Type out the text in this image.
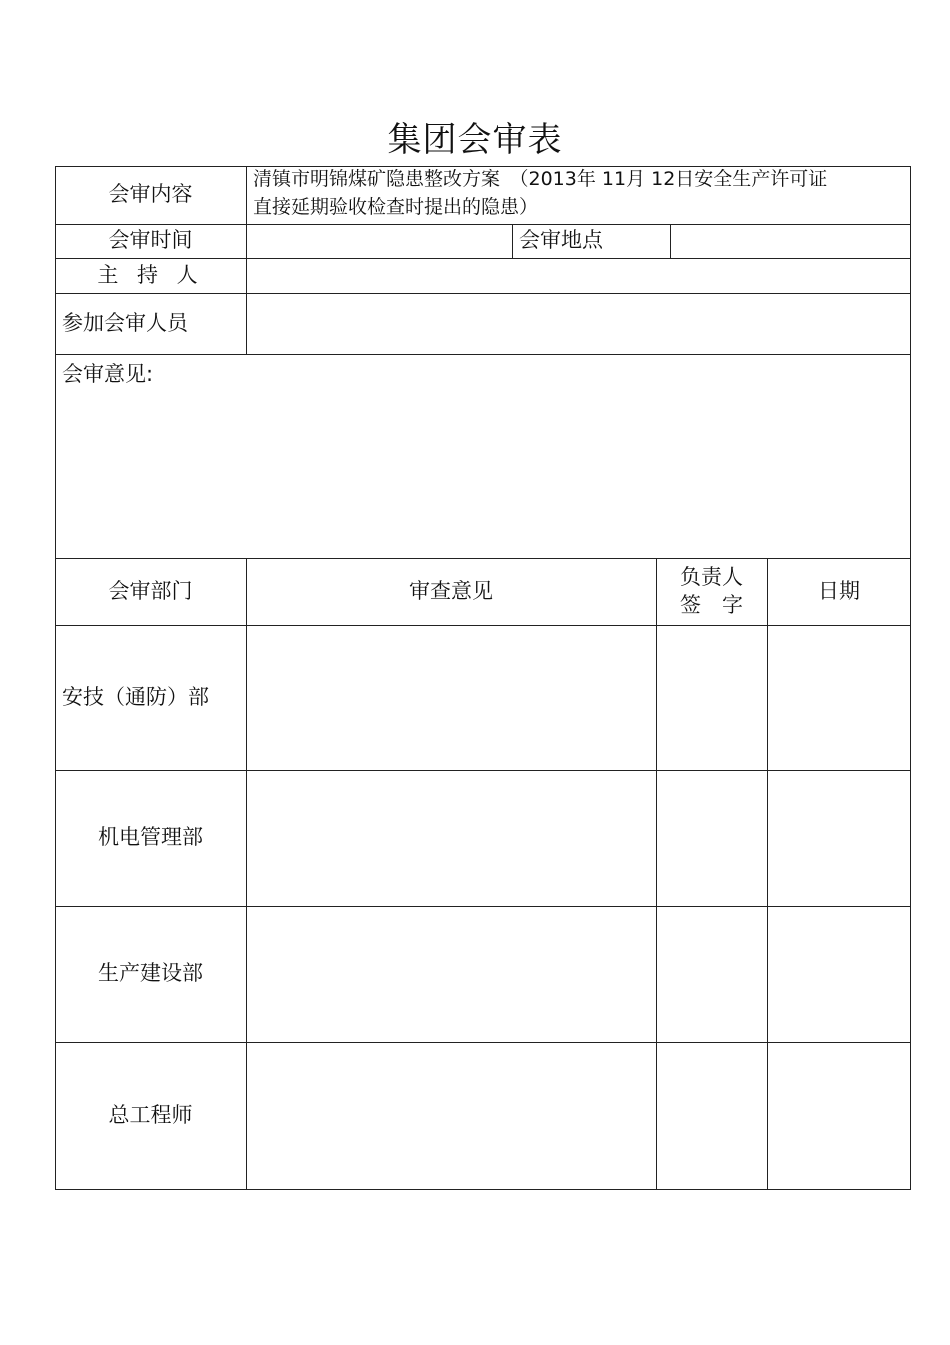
集团会审表
会审内容
清镇市明锦煤矿隐患整改方案　（2013年 11月 12日安全生产许可证
直接延期验收检查时提出的隐患）
会审时间	会审地点
主 持 人
参加会审人员
会审意见:
会审部门	审查意见
负责人
签　字
日期
安技（通防）部
机电管理部
生产建设部
总工程师
